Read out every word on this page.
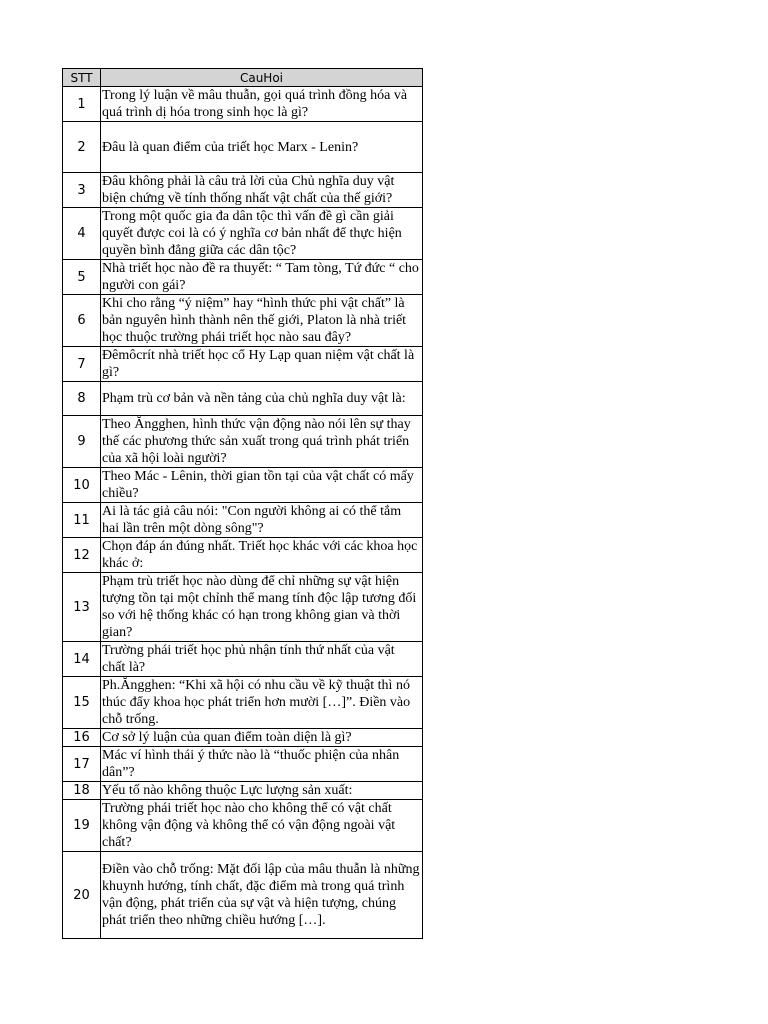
STT	CauHoi
1	Trong lý luận về mâu thuẫn, gọi quá trình đồng hóa và quá trình dị hóa trong sinh học là gì?
2	Đâu là quan điểm của triết học Marx - Lenin?
3	Đâu không phải là câu trả lời của Chủ nghĩa duy vật biện chứng về tính thống nhất vật chất của thế giới?
4	Trong một quốc gia đa dân tộc thì vấn đề gì cần giải quyết được coi là có ý nghĩa cơ bản nhất để thực hiện quyền bình đẳng giữa các dân tộc?
5	Nhà triết học nào đề ra thuyết: “ Tam tòng, Tứ đức “ cho người con gái?
6	Khi cho rằng “ý niệm” hay “hình thức phi vật chất” là bản nguyên hình thành nên thế giới, Platon là nhà triết học thuộc trường phái triết học nào sau đây?
7	Đêmôcrít nhà triết học cổ Hy Lạp quan niệm vật chất là gì?
8	Phạm trù cơ bản và nền tảng của chủ nghĩa duy vật là:
9	Theo Ăngghen, hình thức vận động nào nói lên sự thay thế các phương thức sản xuất trong quá trình phát triển của xã hội loài người?
10	Theo Mác - Lênin, thời gian tồn tại của vật chất có mấy chiều?
11	Ai là tác giả câu nói: "Con người không ai có thể tắm hai lần trên một dòng sông"?
12	Chọn đáp án đúng nhất. Triết học khác với các khoa học khác ở:
13	Phạm trù triết học nào dùng để chỉ những sự vật hiện tượng tồn tại một chỉnh thể mang tính độc lập tương đối so với hệ thống khác có hạn trong không gian và thời gian?
14	Trường phái triết học phủ nhận tính thứ nhất của vật chất là?
15	Ph.Ăngghen: “Khi xã hội có nhu cầu về kỹ thuật thì nó thúc đẩy khoa học phát triển hơn mười […]”. Điền vào chỗ trống.
16	Cơ sở lý luận của quan điểm toàn diện là gì?
17	Mác ví hình thái ý thức nào là “thuốc phiện của nhân dân”?
18	Yếu tố nào không thuộc Lực lượng sản xuất:
19	Trường phái triết học nào cho không thể có vật chất không vận động và không thể có vận động ngoài vật chất?
20	Điền vào chỗ trống: Mặt đối lập của mâu thuẫn là những khuynh hướng, tính chất, đặc điểm mà trong quá trình vận động, phát triển của sự vật và hiện tượng, chúng phát triển theo những chiều hướng […].
